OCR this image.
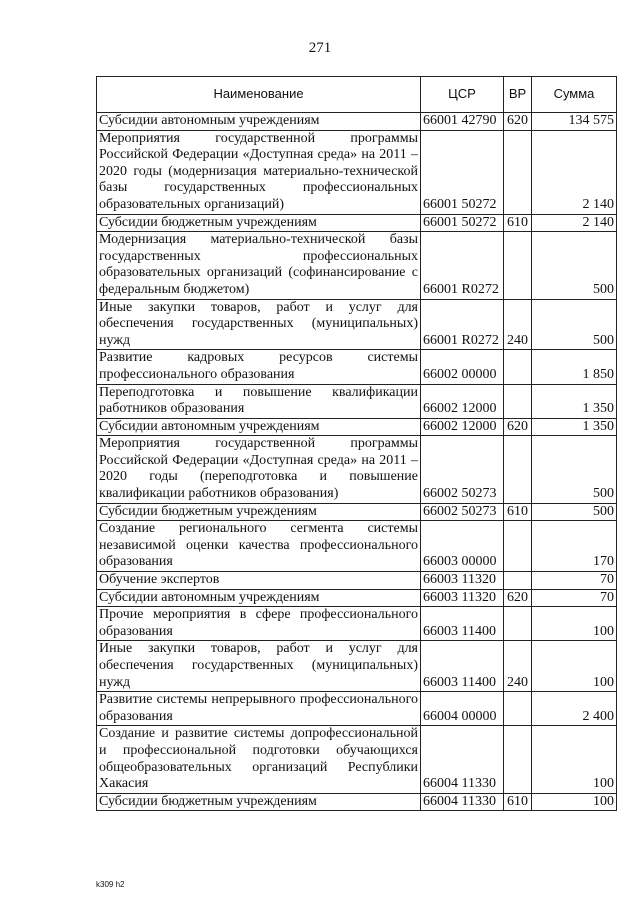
271
Наименование	ЦСР	ВР	Сумма
Субсидии автономным учреждениям	66001 42790	620	134 575
Мероприятия государственной программы Российской Федерации «Доступная среда» на 2011 – 2020 годы (модернизация материально-технической базы государственных профессиональных образовательных организаций)	66001 50272		2 140
Субсидии бюджетным учреждениям	66001 50272	610	2 140
Модернизация материально-технической базы государственных профессиональных образовательных организаций (софинансирование с федеральным бюджетом)	66001 R0272		500
Иные закупки товаров, работ и услуг для обеспечения государственных (муниципальных) нужд	66001 R0272	240	500
Развитие кадровых ресурсов системы профессионального образования	66002 00000		1 850
Переподготовка и повышение квалификации работников образования	66002 12000		1 350
Субсидии автономным учреждениям	66002 12000	620	1 350
Мероприятия государственной программы Российской Федерации «Доступная среда» на 2011 – 2020 годы (переподготовка и повышение квалификации работников образования)	66002 50273		500
Субсидии бюджетным учреждениям	66002 50273	610	500
Создание регионального сегмента системы независимой оценки качества профессионального образования	66003 00000		170
Обучение экспертов	66003 11320		70
Субсидии автономным учреждениям	66003 11320	620	70
Прочие мероприятия в сфере профессионального образования	66003 11400		100
Иные закупки товаров, работ и услуг для обеспечения государственных (муниципальных) нужд	66003 11400	240	100
Развитие системы непрерывного профессионального образования	66004 00000		2 400
Создание и развитие системы допрофессиональной и профессиональной подготовки обучающихся общеобразовательных организаций Республики Хакасия	66004 11330		100
Субсидии бюджетным учреждениям	66004 11330	610	100
k309 h2
